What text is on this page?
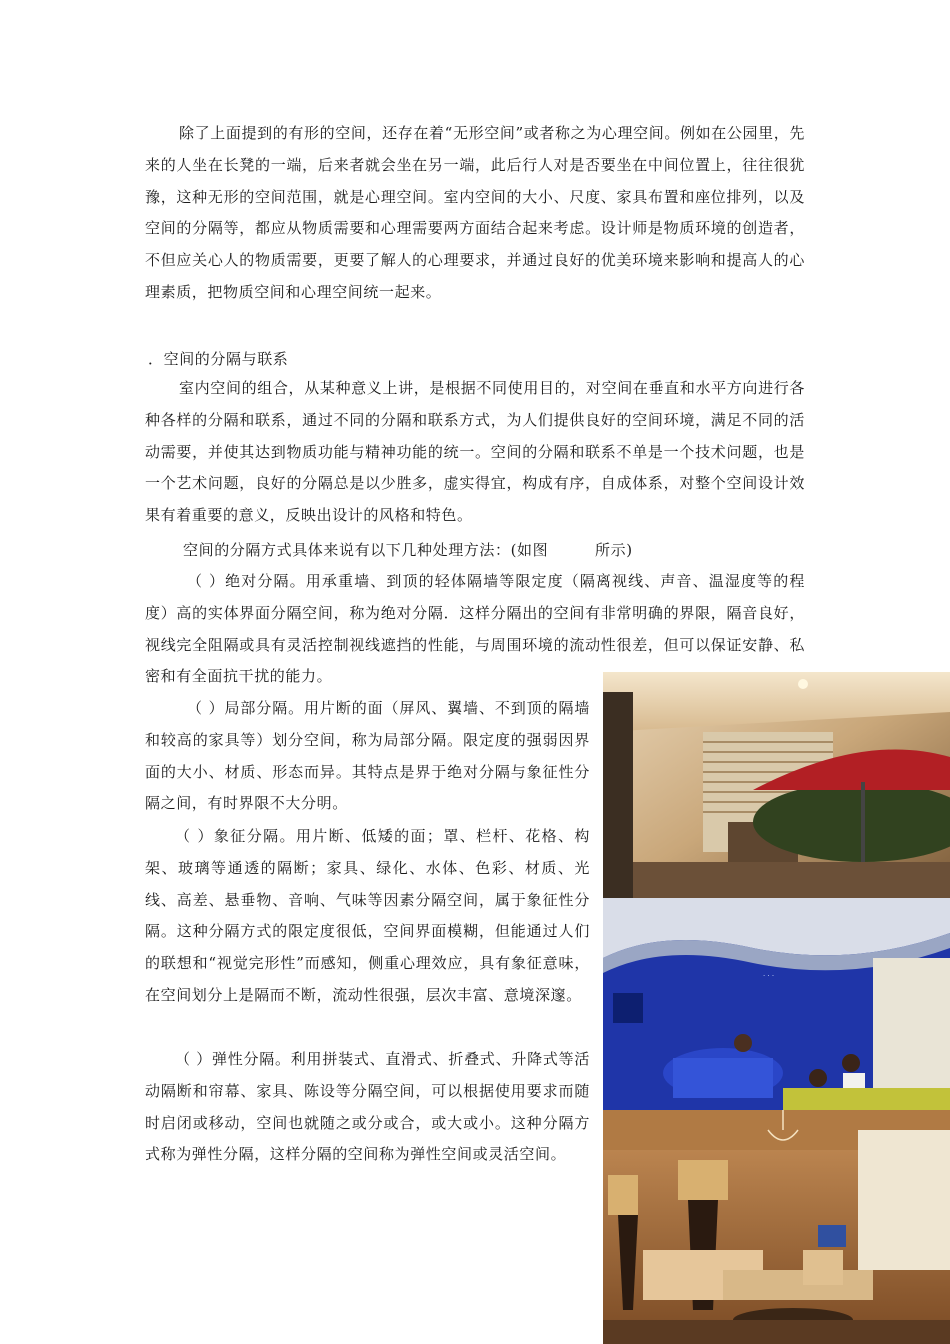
除了上面提到的有形的空间，还存在着“无形空间”或者称之为心理空间。例如在公园里，先来的人坐在长凳的一端，后来者就会坐在另一端，此后行人对是否要坐在中间位置上，往往很犹豫，这种无形的空间范围，就是心理空间。室内空间的大小、尺度、家具布置和座位排列，以及空间的分隔等，都应从物质需要和心理需要两方面结合起来考虑。设计师是物质环境的创造者，不但应关心人的物质需要，更要了解人的心理要求，并通过良好的优美环境来影响和提高人的心理素质，把物质空间和心理空间统一起来。

．空间的分隔与联系

室内空间的组合，从某种意义上讲，是根据不同使用目的，对空间在垂直和水平方向进行各种各样的分隔和联系，通过不同的分隔和联系方式，为人们提供良好的空间环境，满足不同的活动需要，并使其达到物质功能与精神功能的统一。空间的分隔和联系不单是一个技术问题，也是一个艺术问题，良好的分隔总是以少胜多，虚实得宜，构成有序，自成体系，对整个空间设计效果有着重要的意义，反映出设计的风格和特色。

空间的分隔方式具体来说有以下几种处理方法：(如图　　　所示)

（ ）绝对分隔。用承重墙、到顶的轻体隔墙等限定度（隔离视线、声音、温湿度等的程度）高的实体界面分隔空间，称为绝对分隔．这样分隔出的空间有非常明确的界限，隔音良好，视线完全阻隔或具有灵活控制视线遮挡的性能，与周围环境的流动性很差，但可以保证安静、私密和有全面抗干扰的能力。

（ ）局部分隔。用片断的面（屏风、翼墙、不到顶的隔墙和较高的家具等）划分空间，称为局部分隔。限定度的强弱因界面的大小、材质、形态而异。其特点是界于绝对分隔与象征性分隔之间，有时界限不大分明。

（ ）象征分隔。用片断、低矮的面；罩、栏杆、花格、构架、玻璃等通透的隔断；家具、绿化、水体、色彩、材质、光线、高差、悬垂物、音响、气味等因素分隔空间，属于象征性分隔。这种分隔方式的限定度很低，空间界面模糊，但能通过人们的联想和“视觉完形性”而感知，侧重心理效应，具有象征意味，在空间划分上是隔而不断，流动性很强，层次丰富、意境深邃。

（ ）弹性分隔。利用拼装式、直滑式、折叠式、升降式等活动隔断和帘幕、家具、陈设等分隔空间，可以根据使用要求而随时启闭或移动，空间也就随之或分或合，或大或小。这种分隔方式称为弹性分隔，这样分隔的空间称为弹性空间或灵活空间。

· · ·
